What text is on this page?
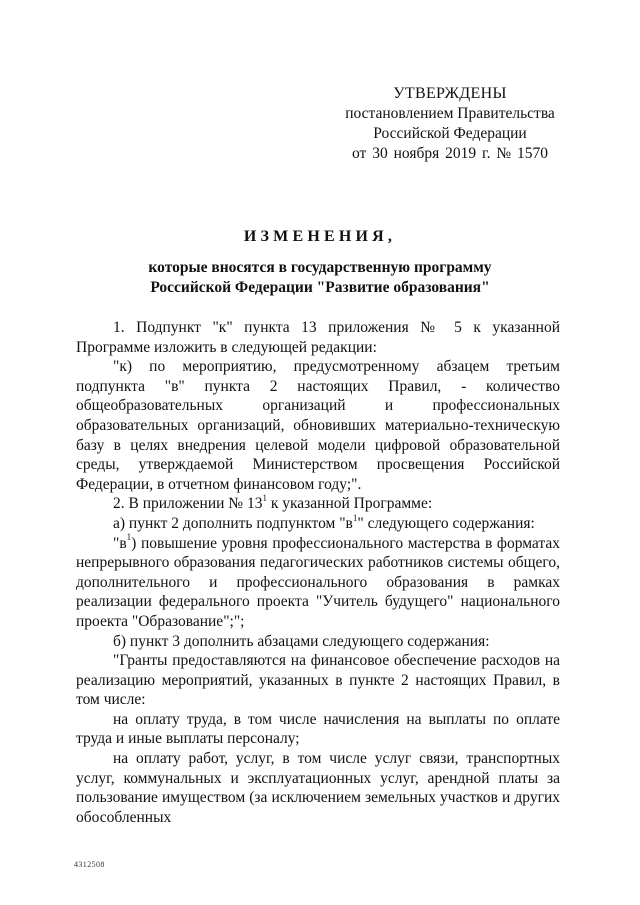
УТВЕРЖДЕНЫ
постановлением Правительства
Российской Федерации
от 30 ноября 2019 г. № 1570
ИЗМЕНЕНИЯ,
которые вносятся в государственную программу
Российской Федерации "Развитие образования"

1. Подпункт "к" пункта 13 приложения № 5 к указанной Программе изложить в следующей редакции:

"к) по мероприятию, предусмотренному абзацем третьим подпункта "в" пункта 2 настоящих Правил, - количество общеобразовательных организаций и профессиональных образовательных организаций, обновивших материально-техническую базу в целях внедрения целевой модели цифровой образовательной среды, утверждаемой Министерством просвещения Российской Федерации, в отчетном финансовом году;".

2. В приложении № $13^1$ к указанной Программе:

а) пункт 2 дополнить подпунктом "$в^1$" следующего содержания:

"$в^1$) повышение уровня профессионального мастерства в форматах непрерывного образования педагогических работников системы общего, дополнительного и профессионального образования в рамках реализации федерального проекта "Учитель будущего" национального проекта "Образование";";

б) пункт 3 дополнить абзацами следующего содержания:

"Гранты предоставляются на финансовое обеспечение расходов на реализацию мероприятий, указанных в пункте 2 настоящих Правил, в том числе:

на оплату труда, в том числе начисления на выплаты по оплате труда и иные выплаты персоналу;

на оплату работ, услуг, в том числе услуг связи, транспортных услуг, коммунальных и эксплуатационных услуг, арендной платы за пользование имуществом (за исключением земельных участков и других обособленных

4312508
